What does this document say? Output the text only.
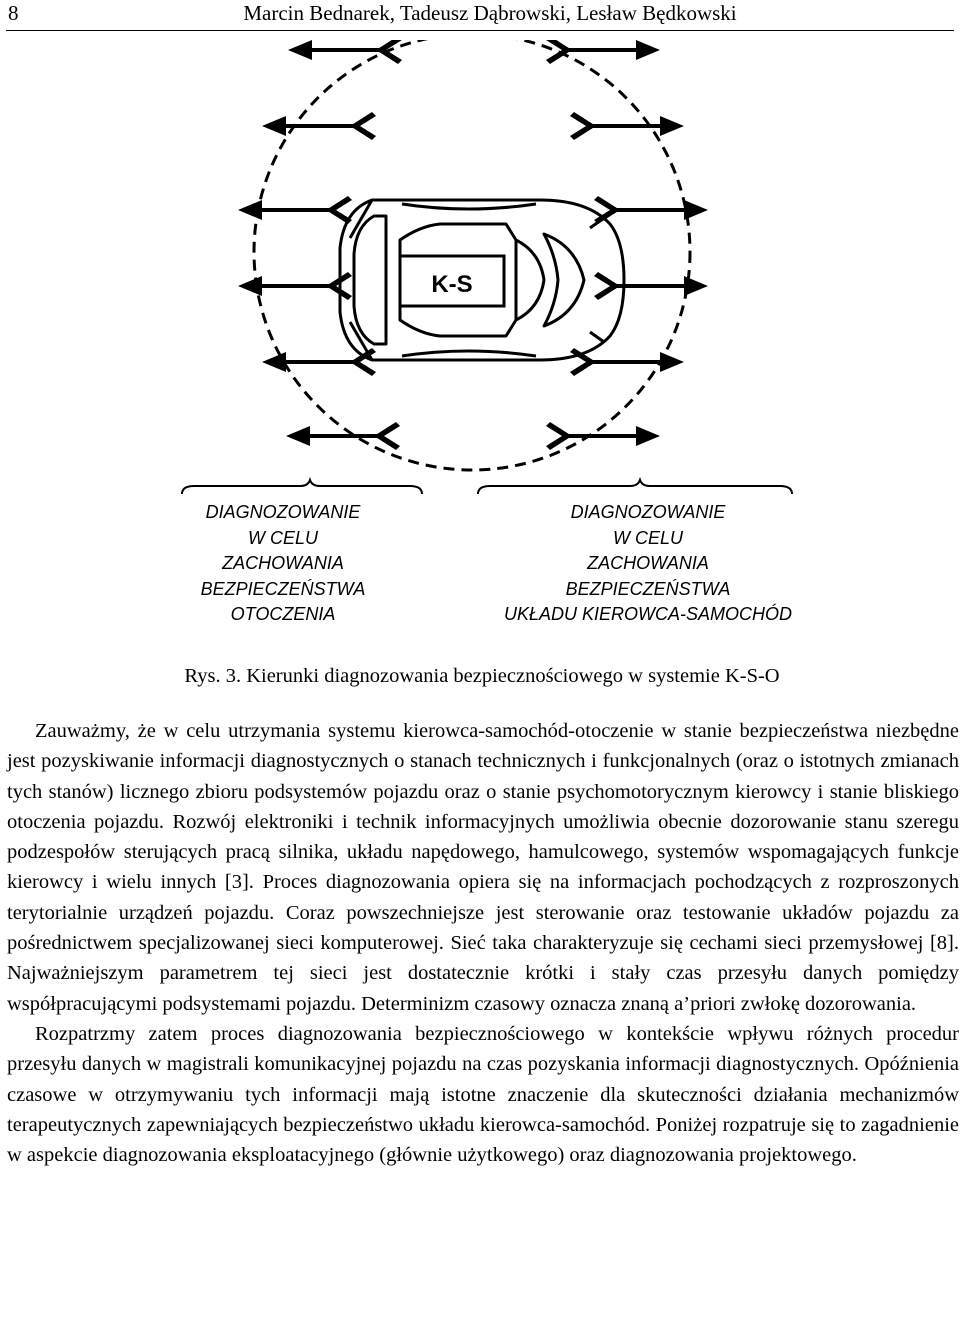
8	Marcin Bednarek, Tadeusz Dąbrowski, Lesław Będkowski
K-S
DIAGNOZOWANIE
W CELU
ZACHOWANIA
BEZPIECZEŃSTWA
OTOCZENIA
DIAGNOZOWANIE
W CELU
ZACHOWANIA
BEZPIECZEŃSTWA
UKŁADU KIEROWCA-SAMOCHÓD
Rys. 3. Kierunki diagnozowania bezpiecznościowego w systemie K-S-O

Zauważmy, że w celu utrzymania systemu kierowca-samochód-otoczenie w stanie bezpieczeństwa niezbędne jest pozyskiwanie informacji diagnostycznych o stanach technicznych i funkcjonalnych (oraz o istotnych zmianach tych stanów) licznego zbioru podsystemów pojazdu oraz o stanie psychomotorycznym kierowcy i stanie bliskiego otoczenia pojazdu. Rozwój elektroniki i technik informacyjnych umożliwia obecnie dozorowanie stanu szeregu podzespołów sterujących pracą silnika, układu napędowego, hamulcowego, systemów wspomagających funkcje kierowcy i wielu innych [3]. Proces diagnozowania opiera się na informacjach pochodzących z rozproszonych terytorialnie urządzeń pojazdu. Coraz powszechniejsze jest sterowanie oraz testowanie układów pojazdu za pośrednictwem specjalizowanej sieci komputerowej. Sieć taka charakteryzuje się cechami sieci przemysłowej [8]. Najważniejszym parametrem tej sieci jest dostatecznie krótki i stały czas przesyłu danych pomiędzy współpracującymi podsystemami pojazdu. Determinizm czasowy oznacza znaną a’priori zwłokę dozorowania.

Rozpatrzmy zatem proces diagnozowania bezpiecznościowego w kontekście wpływu różnych procedur przesyłu danych w magistrali komunikacyjnej pojazdu na czas pozyskania informacji diagnostycznych. Opóźnienia czasowe w otrzymywaniu tych informacji mają istotne znaczenie dla skuteczności działania mechanizmów terapeutycznych zapewniających bezpieczeństwo układu kierowca-samochód. Poniżej rozpatruje się to zagadnienie w aspekcie diagnozowania eksploatacyjnego (głównie użytkowego) oraz diagnozowania projektowego.
